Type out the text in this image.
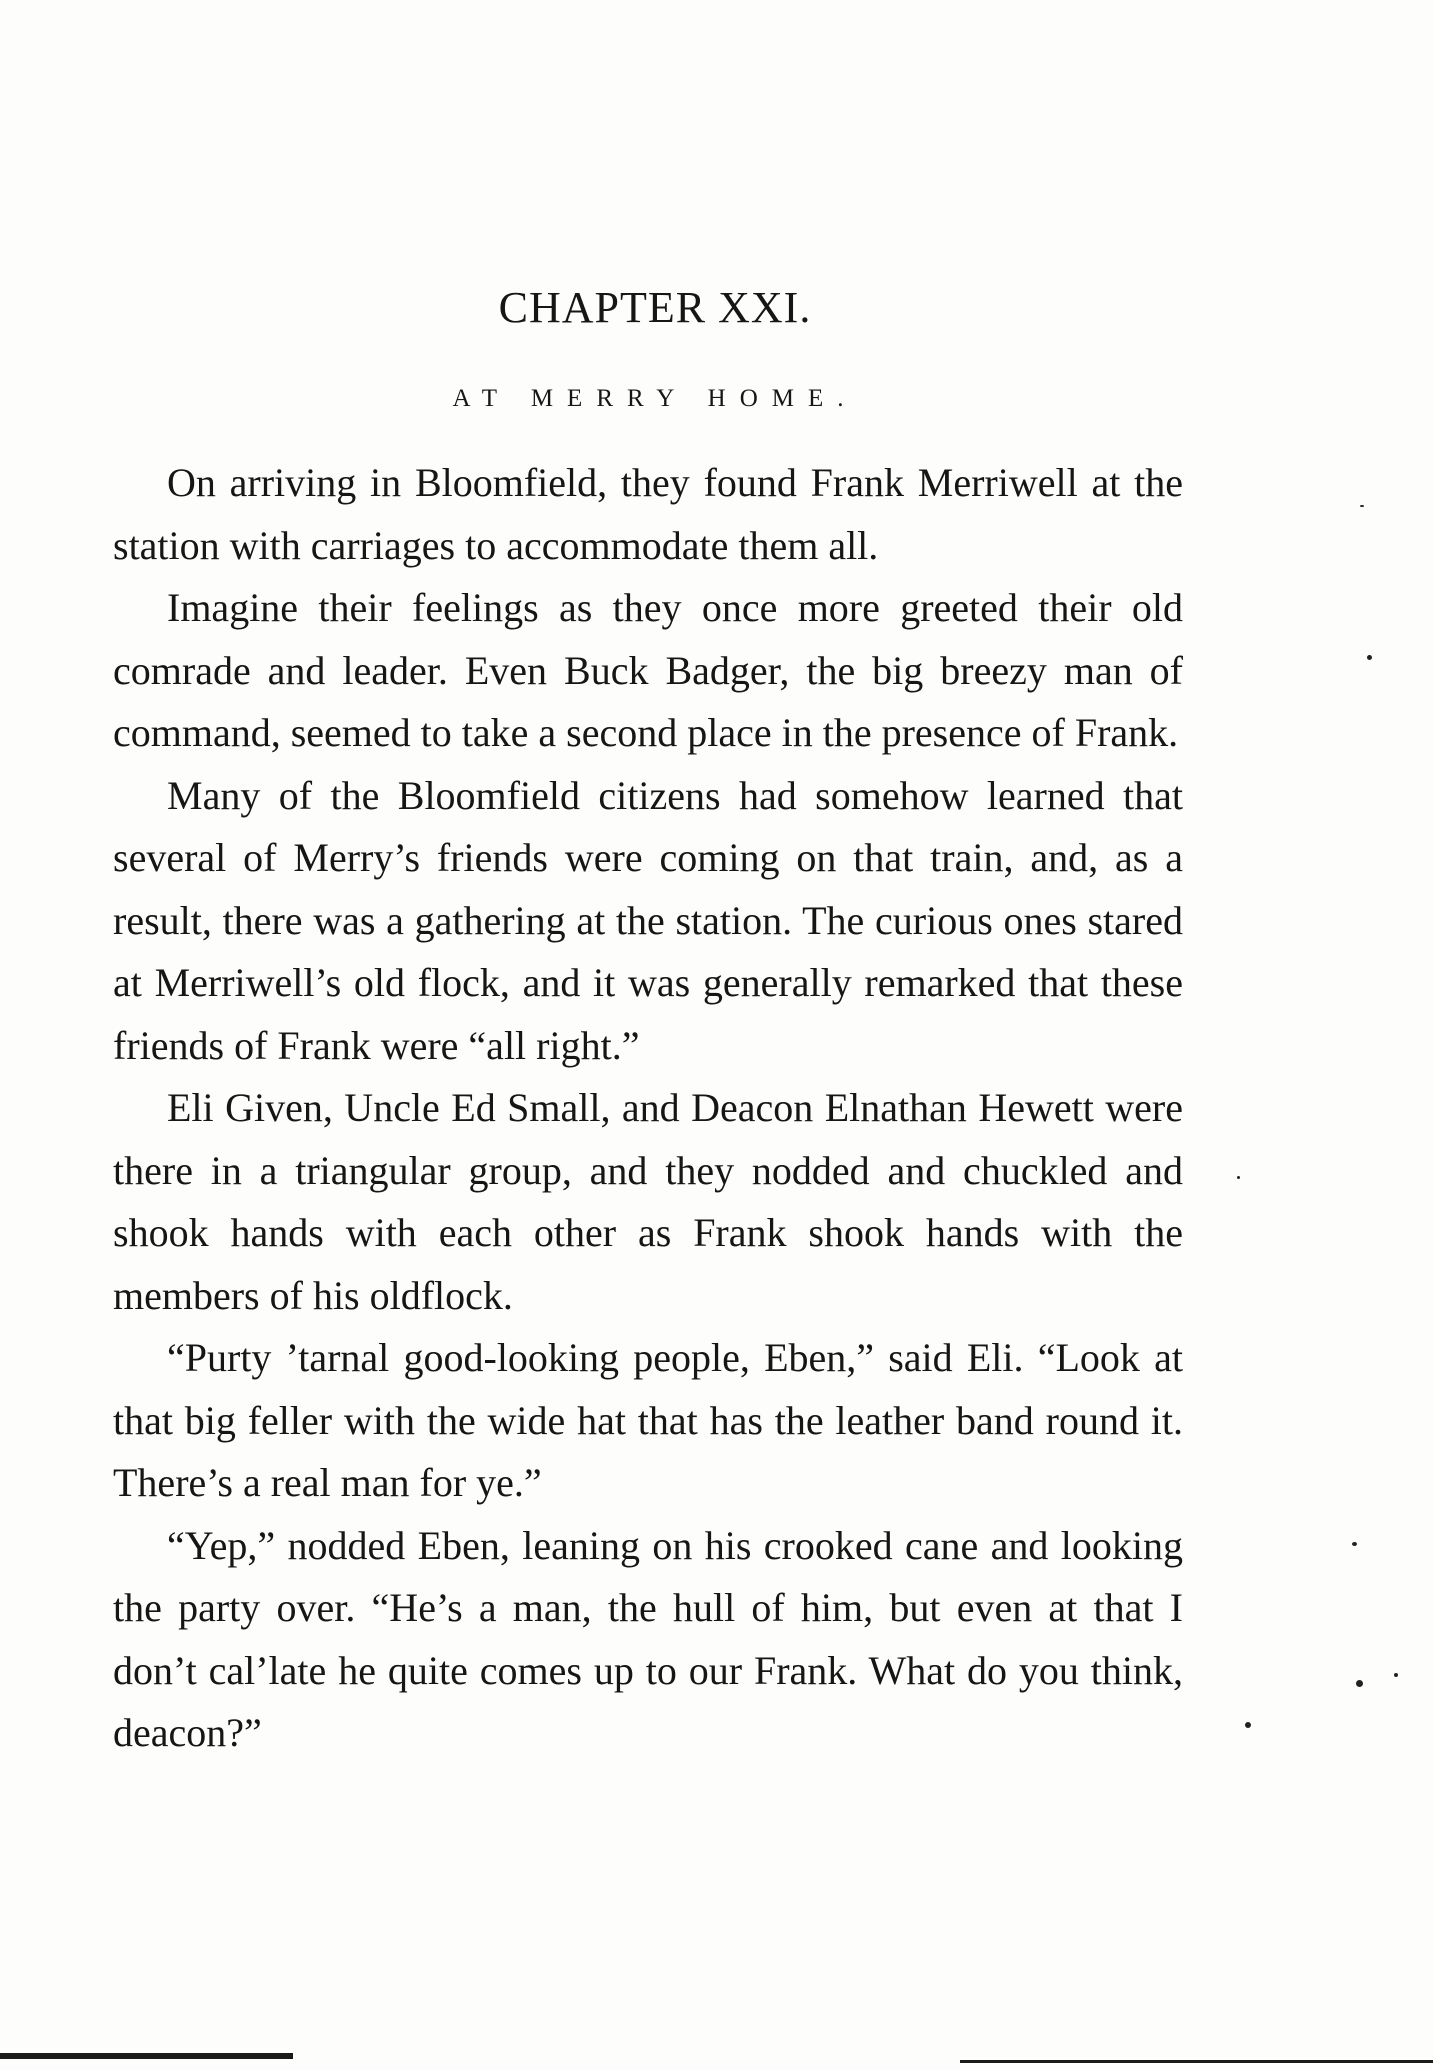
CHAPTER XXI.
AT MERRY HOME.

On arriving in Bloomfield, they found Frank Merriwell at the station with carriages to accommodate them all.

Imagine their feelings as they once more greeted their old comrade and leader. Even Buck Badger, the big breezy man of command, seemed to take a second place in the presence of Frank.

Many of the Bloomfield citizens had somehow learned that several of Merry’s friends were coming on that train, and, as a result, there was a gathering at the station. The curious ones stared at Merriwell’s old flock, and it was generally remarked that these friends of Frank were “all right.”

Eli Given, Uncle Ed Small, and Deacon Elnathan Hewett were there in a triangular group, and they nodded and chuckled and shook hands with each other as Frank shook hands with the members of his oldflock.

“Purty ’tarnal good-looking people, Eben,” said Eli. “Look at that big feller with the wide hat that has the leather band round it. There’s a real man for ye.”

“Yep,” nodded Eben, leaning on his crooked cane and looking the party over. “He’s a man, the hull of him, but even at that I don’t cal’late he quite comes up to our Frank. What do you think, deacon?”
